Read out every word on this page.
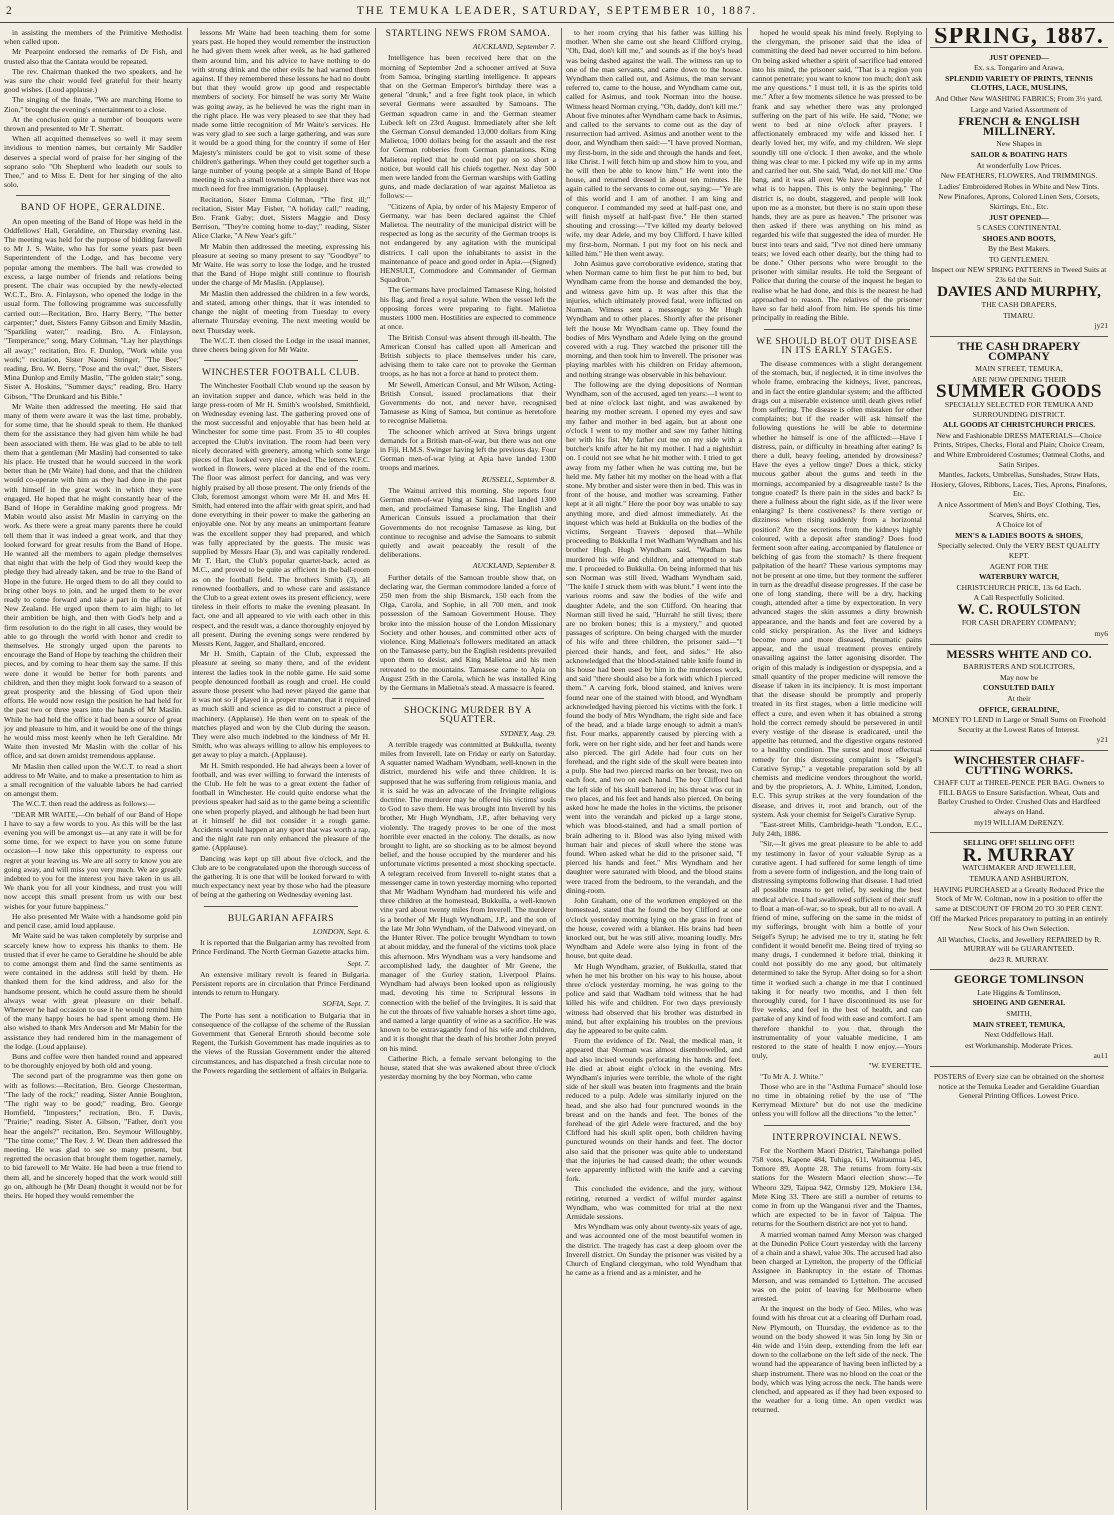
2	THE TEMUKA LEADER, SATURDAY, SEPTEMBER 10, 1887.

in assisting the members of the Primitive Methodist when called upon.

Mr Pearpoint endorsed the remarks of Dr Fish, and trusted also that the Cantata would be repeated.

The rev. Chairman thanked the two speakers, and he was sure the choir would feel grateful for their hearty good wishes. (Loud applause.)

The singing of the finale, "We are marching Home to Zion," brought the evening's entertainment to a close.

At the conclusion quite a number of bouquets were thrown and presented to Mr T. Sherratt.

When all acquitted themselves so well it may seem invidious to mention names, but certainly Mr Saddler deserves a special word of praise for her singing of the soprano solo "Oh Shepherd who leadeth our souls to Thee," and to Miss E. Dent for her singing of the alto solo.

BAND OF HOPE, GERALDINE.

An open meeting of the Band of Hope was held in the Oddfellows' Hall, Geraldine, on Thursday evening last. The meeting was held for the purpose of bidding farewell to Mr J. S. Waite, who has for some years past been Superintendent of the Lodge, and has become very popular among the members. The hall was crowded to excess, a large number of friends and relations being present. The chair was occupied by the newly-elected W.C.T., Bro. A. Finlayson, who opened the lodge in the usual form. The following programme was successfully carried out:—Recitation, Bro. Harry Berry, "The better carpenter;" duet, Sisters Fanny Gibson and Emily Maslin, "Sparkling water;" reading, Bro. A. Finlayson, "Temperance;" song, Mary Coltman, "Lay her playthings all away;" recitation, Bro. F. Dunlop, "Work while you work;" recitation, Sister Naomi Stringer, "The Bee;" reading, Bro. W. Berry, "Pose and the oval;" duet, Sisters Mina Dunlop and Emily Maslin, "The golden stair;" song, Sister A. Hoskins, "Summer days;" reading, Bro. Harry Gibson, "The Drunkard and his Bible."

Mr Waite then addressed the meeting. He said that many of them were aware it was the last time, probably, for some time, that he should speak to them. He thanked them for the assistance they had given him while he had been associated with them. He was glad to be able to tell them that a gentleman (Mr Maslin) had consented to take his place. He trusted that he would succeed in the work better than he (Mr Waite) had done, and that the children would co-operate with him as they had done in the past with himself in the great work in which they were engaged. He hoped that he might constantly hear of the Band of Hope in Geraldine making good progress. Mr Mabin would also assist Mr Maslin in carrying on the work. As there were a great many parents there he could tell them that it was indeed a great work, and that they looked forward for great results from the Band of Hope. He wanted all the members to again pledge themselves that night that with the help of God they would keep the pledge they had already taken, and be true to the Band of Hope in the future. He urged them to do all they could to bring other boys to join, and he urged them to be ever ready to come forward and take a part in the affairs of New Zealand. He urged upon them to aim high; to let their ambition be high, and then with God's help and a firm resolution to do the right in all cases, they would be able to go through the world with honor and credit to themselves. He strongly urged upon the parents to encourage the Band of Hope by teaching the children their pieces, and by coming to hear them say the same. If this were done it would be better for both parents and children, and then they might look forward to a season of great prosperity and the blessing of God upon their efforts. He would now resign the position he had held for the past two or three years into the hands of Mr Maslin. While he had held the office it had been a source of great joy and pleasure to him, and it would be one of the things he would miss most keenly when he left Geraldine. Mr Waite then invested Mr Maslin with the collar of his office, and sat down amidst tremendous applause.

Mr Maslin then called upon the W.C.T. to read a short address to Mr Waite, and to make a presentation to him as a small recognition of the valuable labors he had carried on amongst them.

The W.C.T. then read the address as follows:—

"DEAR MR WAITE,—On behalf of our Band of Hope I have to say a few words to you. As this will be the last evening you will be amongst us—at any rate it will be for some time, for we expect to have you on some future occasion—I now take this opportunity to express our regret at your leaving us. We are all sorry to know you are going away, and will miss you very much. We are greatly indebted to you for the interest you have taken in us all. We thank you for all your kindness, and trust you will now accept this small present from us with our best wishes for your future happiness."

He also presented Mr Waite with a handsome gold pin and pencil case, amid loud applause.

Mr Waite said he was taken completely by surprise and scarcely knew how to express his thanks to them. He trusted that if ever he came to Geraldine he should be able to come amongst them and find the same sentiments as were contained in the address still held by them. He thanked them for the kind address, and also for the handsome present, which he could assure them he should always wear with great pleasure on their behalf. Whenever he had occasion to use it he would remind him of the many happy hours he had spent among them. He also wished to thank Mrs Anderson and Mr Mabin for the assistance they had rendered him in the management of the lodge. (Loud applause).

Buns and coffee were then handed round and appeared to be thoroughly enjoyed by both old and young.

The second part of the programme was then gone on with as follows:—Recitation, Bro. George Chesterman, "The lady of the rock;" reading, Sister Annie Boughton, "The right way to be good;" reading, Bro. George Hornfield, "Imposters;" recitation, Bro. F. Davis, "Prairie;" reading, Sister A. Gibson, "Father, don't you hear the angels?" recitation, Bro. Seymour Willoughby, "The time come;" The Rev. J. W. Dean then addressed the meeting. He was glad to see so many present, but regretted the occasion that brought them together, namely, to bid farewell to Mr Waite. He had been a true friend to them all, and he sincerely hoped that the work would still go on, although he (Mr Dean) thought it would not be for theirs. He hoped they would remember the

lessons Mr Waite had been teaching them for some years past. He hoped they would remember the instruction he had given them week after week, as he had gathered them around him, and his advice to have nothing to do with strong drink and the other evils he had warned them against. If they remembered these lessons he had no doubt but that they would grow up good and respectable members of society. For himself he was sorry Mr Waite was going away, as he believed he was the right man in the right place. He was very pleased to see that they had made some little recognition of Mr Waite's services. He was very glad to see such a large gathering, and was sure it would be a good thing for the country if some of Her Majesty's ministers could be got to visit some of these children's gatherings. When they could get together such a large number of young people at a simple Band of Hope meeting in such a small township he thought there was not much need for free immigration. (Applause).

Recitation, Sister Emma Coltman, "The first ill;" recitation, Sister May Fisher, "A holiday call;" reading, Bro. Frank Gaby; duet, Sisters Maggie and Dosy Berrison, "They're coming home to-day;" reading, Sister Alice Clarke, "A New Year's gift."

Mr Mabin then addressed the meeting, expressing his pleasure at seeing so many present to say "Goodbye" to Mr Waite. He was sorry to lose the lodge, and he trusted that the Band of Hope might still continue to flourish under the charge of Mr Maslin. (Applause).

Mr Maslin then addressed the children in a few words, and stated, among other things, that it was intended to change the night of meeting from Tuesday to every alternate Thursday evening. The next meeting would be next Thursday week.

The W.C.T. then closed the Lodge in the usual manner, three cheers being given for Mr Waite.

WINCHESTER FOOTBALL CLUB.

The Winchester Football Club wound up the season by an invitation supper and dance, which was held in the large press-room of Mr H. Smith's woolshed, Smithfield, on Wednesday evening last. The gathering proved one of the most successful and enjoyable that has been held at Winchester for some time past. From 35 to 40 couples accepted the Club's invitation. The room had been very nicely decorated with greenery, among which some large pieces of flax looked very nice indeed. The letters W.F.C. worked in flowers, were placed at the end of the room. The floor was almost perfect for dancing, and was very highly praised by all those present. The only friends of the Club, foremost amongst whom were Mr H. and Mrs H. Smith, had entered into the affair with great spirit, and had done everything in their power to make the gathering an enjoyable one. Not by any means an unimportant feature was the excellent supper they had prepared, and which was fully appreciated by the guests. The music was supplied by Messrs Haar (3), and was capitally rendered. Mr T. Hart, the Club's popular quarter-back, acted as M.C., and proved to be quite as efficient in the ball-room as on the football field. The brothers Smith (3), all renowned footballers, and to whose care and assistance the Club to a great extent owes its present efficiency, were tireless in their efforts to make the evening pleasant. In fact, one and all appeared to vie with each other in this respect, and the result was, a dance thoroughly enjoyed by all present. During the evening songs were rendered by Messrs Kent, Jagger, and Shallard, encored.

Mr H. Smith, Captain of the Club, expressed the pleasure at seeing so many there, and of the evident interest the ladies took in the noble game. He said some people denounced football as rough and cruel. He could assure those present who had never played the game that it was not so if played in a proper manner, that it required as much skill and science as did to construct a piece of machinery. (Applause). He then went on to speak of the matches played and won by the Club during the season. They were also much indebted to the kindness of Mr H. Smith, who was always willing to allow his employees to get away to play a match. (Applause).

Mr H. Smith responded. He had always been a lover of football, and was ever willing to forward the interests of the Club. He felt he was to a great extent the father of football in Winchester. He could quite endorse what the previous speaker had said as to the game being a scientific one when properly played, and although he had been hurt at it himself he did not consider it a rough game. Accidents would happen at any sport that was worth a rap, and the night rate run only enhanced the pleasure of the game. (Applause).

Dancing was kept up till about five o'clock, and the Club are to be congratulated upon the thorough success of the gathering. It is one that will be looked forward to with much expectancy next year by those who had the pleasure of being at the gathering on Wednesday evening last.

BULGARIAN AFFAIRS
LONDON, Sept. 6.

It is reported that the Bulgarian army has revolted from Prince Ferdinand. The North German Gazette attacks him.

Sept. 7.

An extensive military revolt is feared in Bulgaria. Persistent reports are in circulation that Prince Ferdinand intends to return to Hungary.

SOFIA, Sept. 7.

The Porte has sent a notification to Bulgaria that in consequence of the collapse of the scheme of the Russian Government that General Ernroth should become sole Regent, the Turkish Government has made inquiries as to the views of the Russian Government under the altered circumstances, and has dispatched a fresh circular note to the Powers regarding the settlement of affairs in Bulgaria.

STARTLING NEWS FROM SAMOA.
AUCKLAND, September 7.

Intelligence has been received here that on the morning of September 2nd a schooner arrived at Suva from Samoa, bringing startling intelligence. It appears that on the German Emperor's birthday there was a general "drunk," and a free fight took place, in which several Germans were assaulted by Samoans. The German squadron came in and the German steamer Lubeck left on 23rd August. Immediately after she left the German Consul demanded 13,000 dollars from King Malietoa, 1000 dollars being for the assault and the rest for German robberies from German plantations. King Malietoa replied that he could not pay on so short a notice, but would call his chiefs together. Next day 500 men were landed from the German warships with Gatling guns, and made declaration of war against Malietoa as follows:—

"Citizens of Apia, by order of his Majesty Emperor of Germany, war has been declared against the Chief Malietoa. The neutrality of the municipal district will be respected as long as the security of the German troops is not endangered by any agitation with the municipal districts. I call upon the inhabitants to assist in the maintenance of peace and good order in Apia.—(Signed) HENSULT, Commodore and Commander of German Squadron."

The Germans have proclaimed Tamasese King, hoisted his flag, and fired a royal salute. When the vessel left the opposing forces were preparing to fight. Malietoa musters 1000 men. Hostilities are expected to commence at once.

The British Consul was absent through ill-health. The American Consul has called upon all American and British subjects to place themselves under his care, advising them to take care not to provoke the German troops, as he has not a force at hand to protect them.

Mr Sewell, American Consul, and Mr Wilson, Acting-British Consul, issued proclamations that their Governments do not, and never have, recognised Tamasese as King of Samoa, but continue as heretofore to recognise Malietoa.

The schooner which arrived at Suva brings urgent demands for a British man-of-war, but there was not one in Fiji, H.M.S. Swinger having left the previous day. Four German men-of-war lying at Apia have landed 1300 troops and marines.

RUSSELL, September 8.

The Wainui arrived this morning. She reports four German men-of-war lying at Samoa. Had landed 1300 men, and proclaimed Tamasese king. The English and American Consuls issued a proclamation that their Governments do not recognise Tamasese as king, but continue to recognise and advise the Samoans to submit quietly and await peaceably the result of the deliberations.

AUCKLAND, September 8.

Further details of the Samoan trouble show that, on declaring war, the German commodore landed a force of 250 men from the ship Bismarck, 150 each from the Olga, Carola, and Sophie, in all 700 men, and took possession of the Samoan Government House. They broke into the mission house of the London Missionary Society and other houses, and committed other acts of violence. King Malietoa's followers meditated an attack on the Tamasese party, but the English residents prevailed upon them to desist, and King Malietoa and his men retreated to the mountains. Tamasese came to Apia on August 25th in the Carola, which he was installed King by the Germans in Malietoa's stead. A massacre is feared.

SHOCKING MURDER BY A SQUATTER.
SYDNEY, Aug. 29.

A terrible tragedy was committed at Bukkulla, twenty miles from Inverell, late on Friday or early on Saturday. A squatter named Wadham Wyndham, well-known in the district, murdered his wife and three children. It is supposed that he was suffering from religious mania, and it is said he was an advocate of the Irvingite religious doctrine. The murderer may be offered his victims' souls to God to save them. He was brought into Inverell by his brother, Mr Hugh Wyndham, J.P., after behaving very violently. The tragedy proves to be one of the most horrible ever enacted in the colony. The details, as now brought to light, are so shocking as to be almost beyond belief, and the house occupied by the murderer and his unfortunate victims presented a most shocking spectacle. A telegram received from Inverell to-night states that a messenger came in town yesterday morning who reported that Mr Wadham Wyndham had murdered his wife and three children at the homestead, Bukkulla, a well-known vine yard about twenty miles from Inverell. The murderer is a brother of Mr Hugh Wyndham, J.P., and the son of the late Mr John Wyndham, of the Dalwood vineyard, on the Hunter River. The police brought Wyndham to town at about midday, and the funeral of the victims took place this afternoon. Mrs Wyndham was a very handsome and accomplished lady, the daughter of Mr Geene, the manager of the Gurley station, Liverpool Plains. Wyndham had always been looked upon as religiously mad, devoting his time to Scriptural lessons in connection with the belief of the Irvingites. It is said that he cut the throats of five valuable horses a short time ago, and named a large quantity of wine as a sacrifice. He was known to be extravagantly fond of his wife and children, and it is thought that the death of his brother John preyed on his mind.

Catherine Rich, a female servant belonging to the house, stated that she was awakened about three o'clock yesterday morning by the boy Norman, who came

to her room crying that his father was killing his mother. When she came out she heard Clifford crying, "Oh, Dad, don't kill me," and sounds as if the boy's head was being dashed against the wall. The witness ran up to one of the man servants, and came down to the house. Wyndham then called out, and Asimus, the man servant referred to, came to the house, and Wyndham came out, called for Asimus, and took Norman into the house. Witness heard Norman crying, "Oh, daddy, don't kill me." About five minutes after Wyndham came back to Asimus, and called to the servants to come out as the day of resurrection had arrived. Asimus and another went to the door, and Wyndham then said:—"I have proved Norman, my first-born, in the side and through the hands and feet, like Christ. I will fetch him up and show him to you, and he will then be able to know him." He went into the house, and returned dressed in about ten minutes. He again called to the servants to come out, saying:—"Ye are of this world and I am of another. I am king and conqueror. I commanded my seed at half-past one, and will finish myself at half-past five." He then started shouting and crossing:—"I've killed my dearly beloved wife, my dear Adele, and my boy Clifford. I have killed my first-born, Norman. I put my foot on his neck and killed him." He then went away.

John Asimus gave corroborative evidence, stating that when Norman came to him first he put him to bed, but Wyndham came from the house and demanded the boy, and witness gave him up. It was after this that the injuries, which ultimately proved fatal, were inflicted on Norman. Witness sent a messenger to Mr Hugh Wyndham and to other places. Shortly after the prisoner left the house Mr Wyndham came up. They found the bodies of Mrs Wyndham and Adele lying on the ground covered with a rug. They watched the prisoner till the morning, and then took him to Inverell. The prisoner was playing marbles with his children on Friday afternoon, and nothing strange was observable in his behaviour.

The following are the dying depositions of Norman Wyndham, son of the accused, aged ten years:—I went to bed at nine o'clock last night, and was awakened by hearing my mother scream. I opened my eyes and saw my father and mother in bed again, but at about one o'clock I went to my mother and saw my father hitting her with his fist. My father cut me on my side with a butcher's knife after he hit my mother. I had a nightshirt on. I could not see what he hit mother with. I tried to get away from my father when he was cutting me, but he held me. My father hit my mother on the head with a flat stone. My brother and sister were then in bed. This was in front of the house, and mother was screaming. Father kept at it all night." Here the poor boy was unable to say anything more, and died almost immediately. At the inquest which was held at Bukkulla on the bodies of the victims, Sergeant Travers deposed that—While proceeding to Bukkulla I met Wadham Wyndham and his brother Hugh. Hugh Wyndham said, "Wadham has murdered his wife and children, and attempted to stab me. I proceeded to Bukkulla. On being informed that his son Norman was still lived, Wadham Wyndham said, "The knife I struck them with was blunt." I went into the various rooms and saw the bodies of the wife and daughter Adele, and the son Clifford. On hearing that Norman still lived he said, "Hurrah! he still lives; there are no broken bones; this is a mystery," and quoted passages of scripture. On being charged with the murder of his wife and three children, the prisoner said—"I pierced their hands, and feet, and sides." He also acknowledged that the blood-stained table knife found in his house had been used by him in the murderous work, and said "there should also be a fork with which I pierced them." A carving fork, blood stained, and knives were found near one of the stained with blood, and Wyndham acknowledged having pierced his victims with the fork. I found the body of Mrs Wyndham, the right side and face of the head, and a blade large enough to admit a man's fist. Four marks, apparently caused by piercing with a fork, were on her right side, and her feet and hands were also pierced. The girl Adele had four cuts on her forehead, and the right side of the skull were beaten into a pulp. She had two pierced marks on her breast, two on each foot, and two on each hand. The boy Clifford had the left side of his skull battered in; his throat was cut in two places, and his feet and hands also pierced. On being asked how he made the holes in the victims, the prisoner went into the verandah and picked up a large stone, which was blood-stained, and had a small portion of brain adhering to it. Blood was also lying mixed with human hair and pieces of skull where the stone was found. When asked what he did to the prisoner said, "I pierced his hands and feet." Mrs Wyndham and her daughter were saturated with blood, and the blood stains were traced from the bedroom, to the verandah, and the dining-room.

John Graham, one of the workmen employed on the homestead, stated that he found the boy Clifford at one o'clock yesterday morning lying on the grass in front of the house, covered with a blanket. His brains had been knocked out, but he was still alive, moaning loudly. Mrs Wyndham and Adele were also lying in front of the house, but quite dead.

Mr Hugh Wyndham, grazier, of Bukkulla, stated that when he met his brother on his way to his house, about three o'clock yesterday morning, he was going to the police and said that Wadham told witness that he had killed his wife and children. For two days previously witness had observed that his brother was disturbed in mind, but after explaining his troubles on the previous day he appeared to be quite calm.

From the evidence of Dr. Neal, the medical man, it appeared that Norman was almost disembowelled, and had also incised wounds perforating his hands and feet. He died at about eight o'clock in the evening. Mrs Wyndham's injuries were terrible, the whole of the right side of her skull was beaten into fragments and the brain reduced to a pulp. Adele was similarly injured on the head, and she also had four punctured wounds in the breast and on the hands and feet. The bones of the forehead of the girl Adele were fractured, and the boy Clifford had his skull split open, both children having punctured wounds on their hands and feet. The doctor also said that the prisoner was quite able to understand that the injuries he had caused death; the other wounds were apparently inflicted with the knife and a carving fork.

This concluded the evidence, and the jury, without retiring, returned a verdict of wilful murder against Wyndham, who was committed for trial at the next Armidale sessions.

Mrs Wyndham was only about twenty-six years of age, and was accounted one of the most beautiful women in the district. The tragedy has cast a deep gloom over the Inverell district. On Sunday the prisoner was visited by a Church of England clergyman, who told Wyndham that he came as a friend and as a minister, and he

hoped he would speak his mind freely. Replying to the clergyman, the prisoner said that the idea of committing the deed had never occurred to him before. On being asked whether a spirit of sacrifice had entered into his mind, the prisoner said, "That is a region you cannot penetrate; you want to know too much; don't ask me any questions." I must tell, it is as the spirits told me." After a few moments silence he was pressed to be frank and say whether there was any prolonged suffering on the part of his wife. He said, "None; we went to bed at nine o'clock after prayers. I affectionately embraced my wife and kissed her. I dearly loved her, my wife, and my children. We slept soundly till one o'clock. I then awoke, and the whole thing was clear to me. I picked my wife up in my arms and carried her out. She said, 'Wad, do not kill me.' One bang, and it was all over. We have warned people of what is to happen. This is only the beginning." The district is, no doubt, staggered, and people will look upon me as a monster, but there is no stain upon these hands, they are as pure as heaven." The prisoner was then asked if there was anything on his mind as regarded his wife that suggested the idea of murder. He burst into tears and said, "I've not dined here ummany tears; we loved each other dearly, but the thing had to be done." Other persons who were brought to the prisoner with similar results. He told the Sergeant of Police that during the course of the inquest he began to realise what he had done, and this is the nearest he had approached to reason. The relatives of the prisoner have so far held aloof from him. He spends his time principally in reading the Bible.

WE SHOULD BLOT OUT DISEASE IN ITS EARLY STAGES.

The disease commences with a slight derangement of the stomach, but, if neglected, it in time involves the whole frame, embracing the kidneys, liver, pancreas, and in fact the entire glandular system; and the afflicted drags out a miserable existence until death gives relief from suffering. The disease is often mistaken for other complaints; but if the reader will ask himself the following questions he will be able to determine whether he himself is one of the afflicted:—Have I distress, pain, or difficulty in breathing after eating? Is there a dull, heavy feeling, attended by drowsiness? Have the eyes a yellow tinge? Does a thick, sticky mucous gather about the gums and teeth in the mornings, accompanied by a disagreeable taste? Is the tongue coated? Is there pain in the sides and back? Is there a fullness about the right side, as if the liver were enlarging? Is there costiveness? Is there vertigo or dizziness when rising suddenly from a horizontal position? Are the secretions from the kidneys highly coloured, with a deposit after standing? Does food ferment soon after eating, accompanied by flatulence or belching of gas from the stomach? Is there frequent palpitation of the heart? These various symptoms may not be present at one time, but they torment the sufferer in turn as the dreadful disease progresses. If the case be one of long standing, there will be a dry, hacking cough, attended after a time by expectoration. In very advanced stages the skin assumes a dirty brownish appearance, and the hands and feet are covered by a cold sticky perspiration. As the liver and kidneys become more and more diseased, rheumatic pains appear, and the usual treatment proves entirely unavailing against the latter agonising disorder. The origin of this malady is indigestion or dyspepsia, and a small quantity of the proper medicine will remove the disease if taken in its incipiency. It is most important that the disease should be promptly and properly treated in its first stages, when a little medicine will effect a cure, and even when it has obtained a strong hold the correct remedy should be persevered in until every vestige of the disease is eradicated, until the appetite has returned, and the digestive organs restored to a healthy condition. The surest and most effectual remedy for this distressing complaint is "Seigel's Curative Syrup," a vegetable preparation sold by all chemists and medicine vendors throughout the world, and by the proprietors, A. J. White, Limited, London, E.C. This syrup strikes at the very foundation of the disease, and drives it, root and branch, out of the system. Ask your chemist for Seigel's Curative Syrup.

"East-street Mills, Cambridge-heath "London, E.C., July 24th, 1886.

"Sir,—It gives me great pleasure to be able to add my testimony in favor of your valuable Syrup as a curative agent. I had suffered for some length of time from a severe form of indigestion, and the long train of distressing symptoms following that disease. I had tried all possible means to get relief, by seeking the best medical advice. I had swallowed sufficient of their stuff to float a man-of-war, so to speak, but all to no avail. A friend of mine, suffering on the same in the midst of my sufferings, brought with him a bottle of your Seigel's Syrup; he advised me to try it, stating he felt confident it would benefit me. Being tired of trying so many drugs, I condemned it before trial, thinking it could not possibly do me any good, but ultimately determined to take the Syrup. After doing so for a short time it worked such a change in me that I continued taking it for nearly two months, and I then felt thoroughly cured, for I have discontinued its use for five weeks, and feel in the best of health, and can partake of any kind of food with ease and comfort. I am therefore thankful to you that, through the instrumentality of your valuable medicine, I am restored to the state of health I now enjoy.—Yours truly,

"W. EVERETTE.

"To Mr A. J. White."

Those who are in the "Asthma Furnace" should lose no time in obtaining relief by the use of "The Kerrymead Mixture" but do not use the medicine unless you will follow all the directions "to the letter."

INTERPROVINCIAL NEWS.

For the Northern Maori District, Taiwhanga polled 758 votes, Kapene 484, Tuhiga, 611, Waitaumua 145, Tomore 89, Aoptte 28. The returns from forty-six stations for the Western Maori election show:—Te Wheoro 329, Taipua 942, Ormsby 129, Mokiere 134, Mete King 33. There are still a number of returns to come in from up the Wanganui river and the Thames, which are expected to be in favor of Taipua. The returns for the Southern district are not yet to hand.

A married woman named Amy Merson was charged at the Dunedin Police Court yesterday with the larceny of a chain and a shawl, value 30s. The accused had also been charged at Lyttelton, the property of the Official Assignee in Bankruptcy in the estate of Thomas Merson, and was remanded to Lyttelton. The accused was on the point of leaving for Melbourne when arrested.

At the inquest on the body of Geo. Miles, who was found with his throat cut at a clearing off Durham road, New Plymouth, on Thursday, the evidence as to the wound on the body showed it was 5in long by 3in or 4in wide and 1½in deep, extending from the left ear down to the collarbone on the left side of the neck. The wound had the appearance of having been inflicted by a sharp instrument. There was no blood on the coat or the body, which was lying across the neck. The hands were clenched, and appeared as if they had been exposed to the weather for a long time. An open verdict was returned.

SPRING, 1887.

JUST OPENED—

Ex. s.s. Tongariro and Arawa,

SPLENDID VARIETY OF PRINTS, TENNIS CLOTHS, LACE, MUSLINS,

And Other New WASHING FABRICS; From 3½ yard.

Large and Varied Assortment of

FRENCH & ENGLISH MILLINERY.

New Shapes in

SAILOR & BOATING HATS

At wonderfully Low Prices.

New FEATHERS, FLOWERS, And TRIMMINGS.

Ladies' Embroidered Robes in White and New Tints.

New Pinafores, Aprons, Colored Linen Sets, Corsets, Skirtings, Etc., Etc.

JUST OPENED—

5 CASES CONTINENTAL

SHOES AND BOOTS,

By the Best Makers.

TO GENTLEMEN.

Inspect our NEW SPRING PATTERNS in Tweed Suits at 23s 6d the Suit.

DAVIES AND MURPHY,

THE CASH DRAPERS,

TIMARU.

jy21

THE CASH DRAPERY COMPANY

MAIN STREET, TEMUKA,

ARE NOW OPENING THEIR

SUMMER GOODS

SPECIALLY SELECTED FOR TEMUKA AND SURROUNDING DISTRICT.

ALL GOODS AT CHRISTCHURCH PRICES.

New and Fashionable DRESS MATERIALS—Choice Prints, Stripes, Checks, Floral and Plain; Choice Cream, and White Embroidered Costumes; Oatmeal Cloths, and Satin Stripes.

Mantles, Jackets, Umbrellas, Sunshades, Straw Hats, Hosiery, Gloves, Ribbons, Laces, Ties, Aprons, Pinafores, Etc.

A nice Assortment of Men's and Boys' Clothing, Ties, Scarves, Shirts, etc.

A Choice lot of

MEN'S & LADIES BOOTS & SHOES,

Specially selected. Only the VERY BEST QUALITY KEPT.

AGENT FOR THE

WATERBURY WATCH,

CHRISTCHURCH PRICE, 13s 6d Each.

A Call Respectfully Solicited.

W. C. ROULSTON

FOR CASH DRAPERY COMPANY;

my6

MESSRS WHITE AND CO.

BARRISTERS AND SOLICITORS,

May now be

CONSULTED DAILY

At their

OFFICE, GERALDINE,

MONEY TO LEND in Large or Small Sums on Freehold Security at the Lowest Rates of Interest.

y21

WINCHESTER CHAFF-CUTTING WORKS.

CHAFF CUT at THREE-PENCE PER BAG. Owners to FILL BAGS to Ensure Satisfaction. Wheat, Oats and Barley Crushed to Order. Crushed Oats and Hardfeed always on Hand.

my19 WILLIAM DeRENZY.

SELLING OFF! SELLING OFF!!

R. MURRAY

WATCHMAKER AND JEWELLER,

TEMUKA AND ASHBURTON,

HAVING PURCHASED at a Greatly Reduced Price the Stock of Mr W. Coltman, now in a position to offer the same at DISCOUNT OF FROM 20 TO 30 PER CENT.

Off the Marked Prices preparatory to putting in an entirely New Stock of his Own Selection.

All Watches, Clocks, and Jewellery REPAIRED by R. MURRAY will be GUARANTEED.

de23 R. MURRAY.

GEORGE TOMLINSON

Late Higgins & Tomlinson,

SHOEING AND GENERAL

SMITH,

MAIN STREET, TEMUKA,

Next Oddfellows Hall.

est Workmanship. Moderate Prices.

au11

POSTERS of Every size can be obtained on the shortest notice at the Temuka Leader and Geraldine Guardian General Printing Offices. Lowest Price.
